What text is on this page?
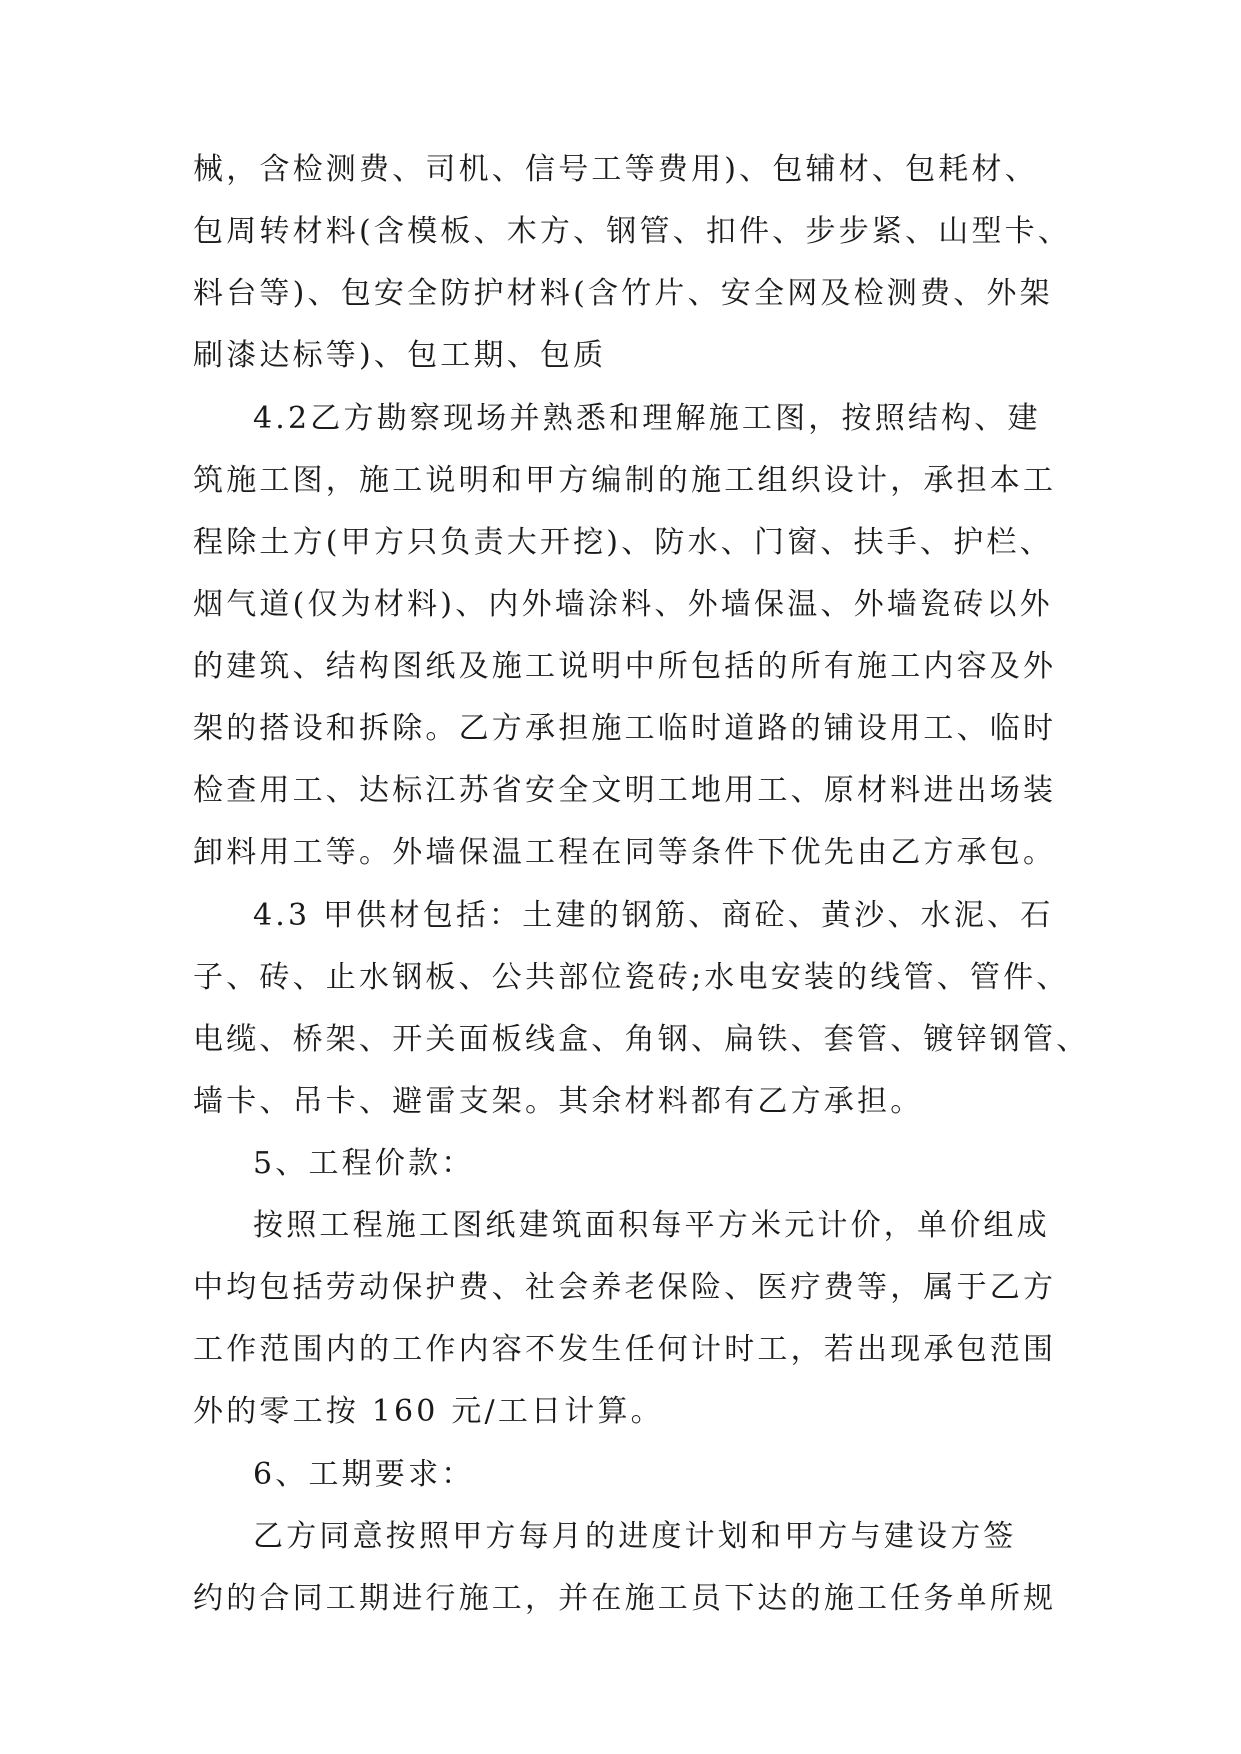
械，含检测费、司机、信号工等费用)、包辅材、包耗材、
包周转材料(含模板、木方、钢管、扣件、步步紧、山型卡、
料台等)、包安全防护材料(含竹片、安全网及检测费、外架
刷漆达标等)、包工期、包质
4.2乙方勘察现场并熟悉和理解施工图，按照结构、建
筑施工图，施工说明和甲方编制的施工组织设计，承担本工
程除土方(甲方只负责大开挖)、防水、门窗、扶手、护栏、
烟气道(仅为材料)、内外墙涂料、外墙保温、外墙瓷砖以外
的建筑、结构图纸及施工说明中所包括的所有施工内容及外
架的搭设和拆除。乙方承担施工临时道路的铺设用工、临时
检查用工、达标江苏省安全文明工地用工、原材料进出场装
卸料用工等。外墙保温工程在同等条件下优先由乙方承包。
4.3 甲供材包括：土建的钢筋、商砼、黄沙、水泥、石
子、砖、止水钢板、公共部位瓷砖;水电安装的线管、管件、
电缆、桥架、开关面板线盒、角钢、扁铁、套管、镀锌钢管、
墙卡、吊卡、避雷支架。其余材料都有乙方承担。
5、工程价款：
按照工程施工图纸建筑面积每平方米元计价，单价组成
中均包括劳动保护费、社会养老保险、医疗费等，属于乙方
工作范围内的工作内容不发生任何计时工，若出现承包范围
外的零工按 160 元/工日计算。
6、工期要求：
乙方同意按照甲方每月的进度计划和甲方与建设方签
约的合同工期进行施工，并在施工员下达的施工任务单所规
